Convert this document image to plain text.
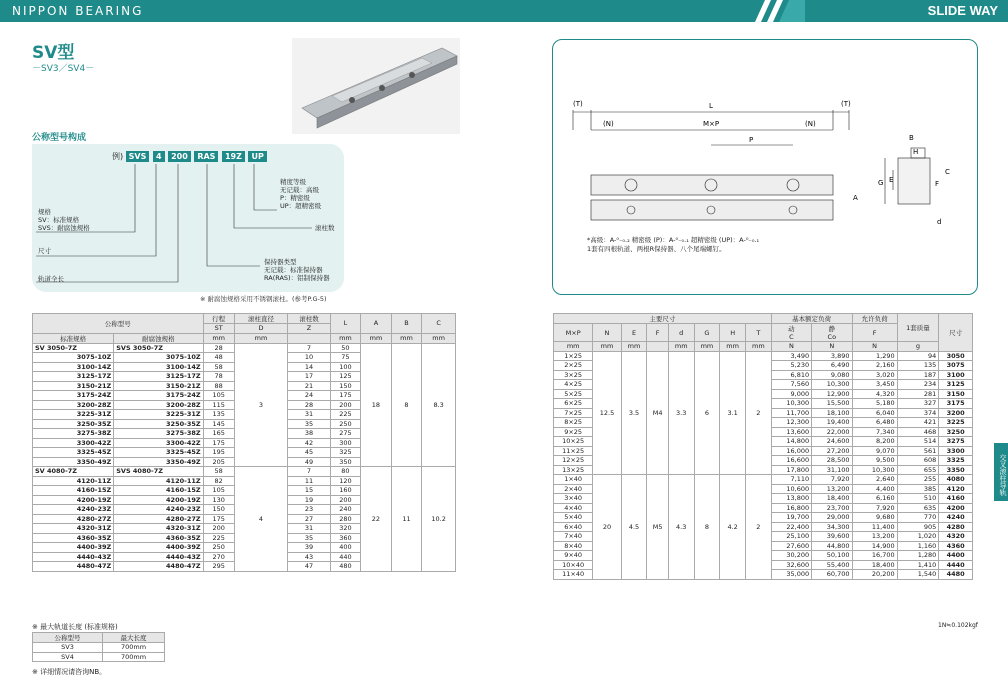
NIPPON BEARING	SLIDE WAY
SV型
－SV3／SV4－
公称型号构成
例) SVS 4 200 RAS 19Z UP
规格
SV：标准规格
SVS：耐腐蚀规格
尺寸
轨道全长
精度等级
无记载：高级
P：精密级
UP：超精密级
滚柱数
保持器类型
无记载：标准保持器
RA(RAS)：铝制保持器
※ 耐腐蚀规格采用不锈钢滚柱。(参考P.G-5)
(T)	(T)
L
(N)	(N)
M×P
P	B
H
G E	F
A
C
d
*高级：A-⁰₋₀.₂ 精密级 (P)：A-⁰₋₀.₁ 超精密级 (UP)：A-⁰₋₀.₁
1套有四根轨道、两根R保持器、八个尾端螺钉。
公称型号		行程	滚柱直径	滚柱数	L	A	B	C
		ST	D	Z				
标准规格	耐腐蚀规格	mm	mm		mm	mm	mm	mm
SV 3050-7Z	SVS 3050-7Z	28	3	7	50	18	8	8.3
3075-10Z	3075-10Z	48		10	75			
3100-14Z	3100-14Z	58		14	100			
3125-17Z	3125-17Z	78		17	125			
3150-21Z	3150-21Z	88		21	150			
3175-24Z	3175-24Z	105		24	175			
3200-28Z	3200-28Z	115		28	200			
3225-31Z	3225-31Z	135		31	225			
3250-35Z	3250-35Z	145		35	250			
3275-38Z	3275-38Z	165		38	275			
3300-42Z	3300-42Z	175		42	300			
3325-45Z	3325-45Z	195		45	325			
3350-49Z	3350-49Z	205		49	350			
SV 4080-7Z	SVS 4080-7Z	58	4	7	80	22	11	10.2
4120-11Z	4120-11Z	82		11	120			
4160-15Z	4160-15Z	105		15	160			
4200-19Z	4200-19Z	130		19	200			
4240-23Z	4240-23Z	150		23	240			
4280-27Z	4280-27Z	175		27	280			
4320-31Z	4320-31Z	200		31	320			
4360-35Z	4360-35Z	225		35	360			
4400-39Z	4400-39Z	250		39	400			
4440-43Z	4440-43Z	270		43	440			
4480-47Z	4480-47Z	295		47	480			
主要尺寸								基本额定负荷		允许负荷	1套质量	尺寸
M×P	N	E	F	d	G	H	T	动
C	静
Co	F		
mm	mm	mm		mm	mm	mm	mm	N	N	N	g	
1×25	12.5	3.5	M4	3.3	6	3.1	2	3,490	3,890	1,290	94	3050
2×25								5,230	6,490	2,160	135	3075
3×25								6,810	9,080	3,020	187	3100
4×25								7,560	10,300	3,450	234	3125
5×25								9,000	12,900	4,320	281	3150
6×25								10,300	15,500	5,180	327	3175
7×25								11,700	18,100	6,040	374	3200
8×25								12,300	19,400	6,480	421	3225
9×25								13,600	22,000	7,340	468	3250
10×25								14,800	24,600	8,200	514	3275
11×25								16,000	27,200	9,070	561	3300
12×25								16,600	28,500	9,500	608	3325
13×25								17,800	31,100	10,300	655	3350
1×40	20	4.5	M5	4.3	8	4.2	2	7,110	7,920	2,640	255	4080
2×40								10,600	13,200	4,400	385	4120
3×40								13,800	18,400	6,160	510	4160
4×40								16,800	23,700	7,920	635	4200
5×40								19,700	29,000	9,680	770	4240
6×40								22,400	34,300	11,400	905	4280
7×40								25,100	39,600	13,200	1,020	4320
8×40								27,600	44,800	14,900	1,160	4360
9×40								30,200	50,100	16,700	1,280	4400
10×40								32,600	55,400	18,400	1,410	4440
11×40								35,000	60,700	20,200	1,540	4480
※ 最大轨道长度 (标准规格)
公称型号	最大长度
SV3	700mm
SV4	700mm
※ 详细情况请咨询NB。
1N≒0.102kgf
交叉滚柱导轨
